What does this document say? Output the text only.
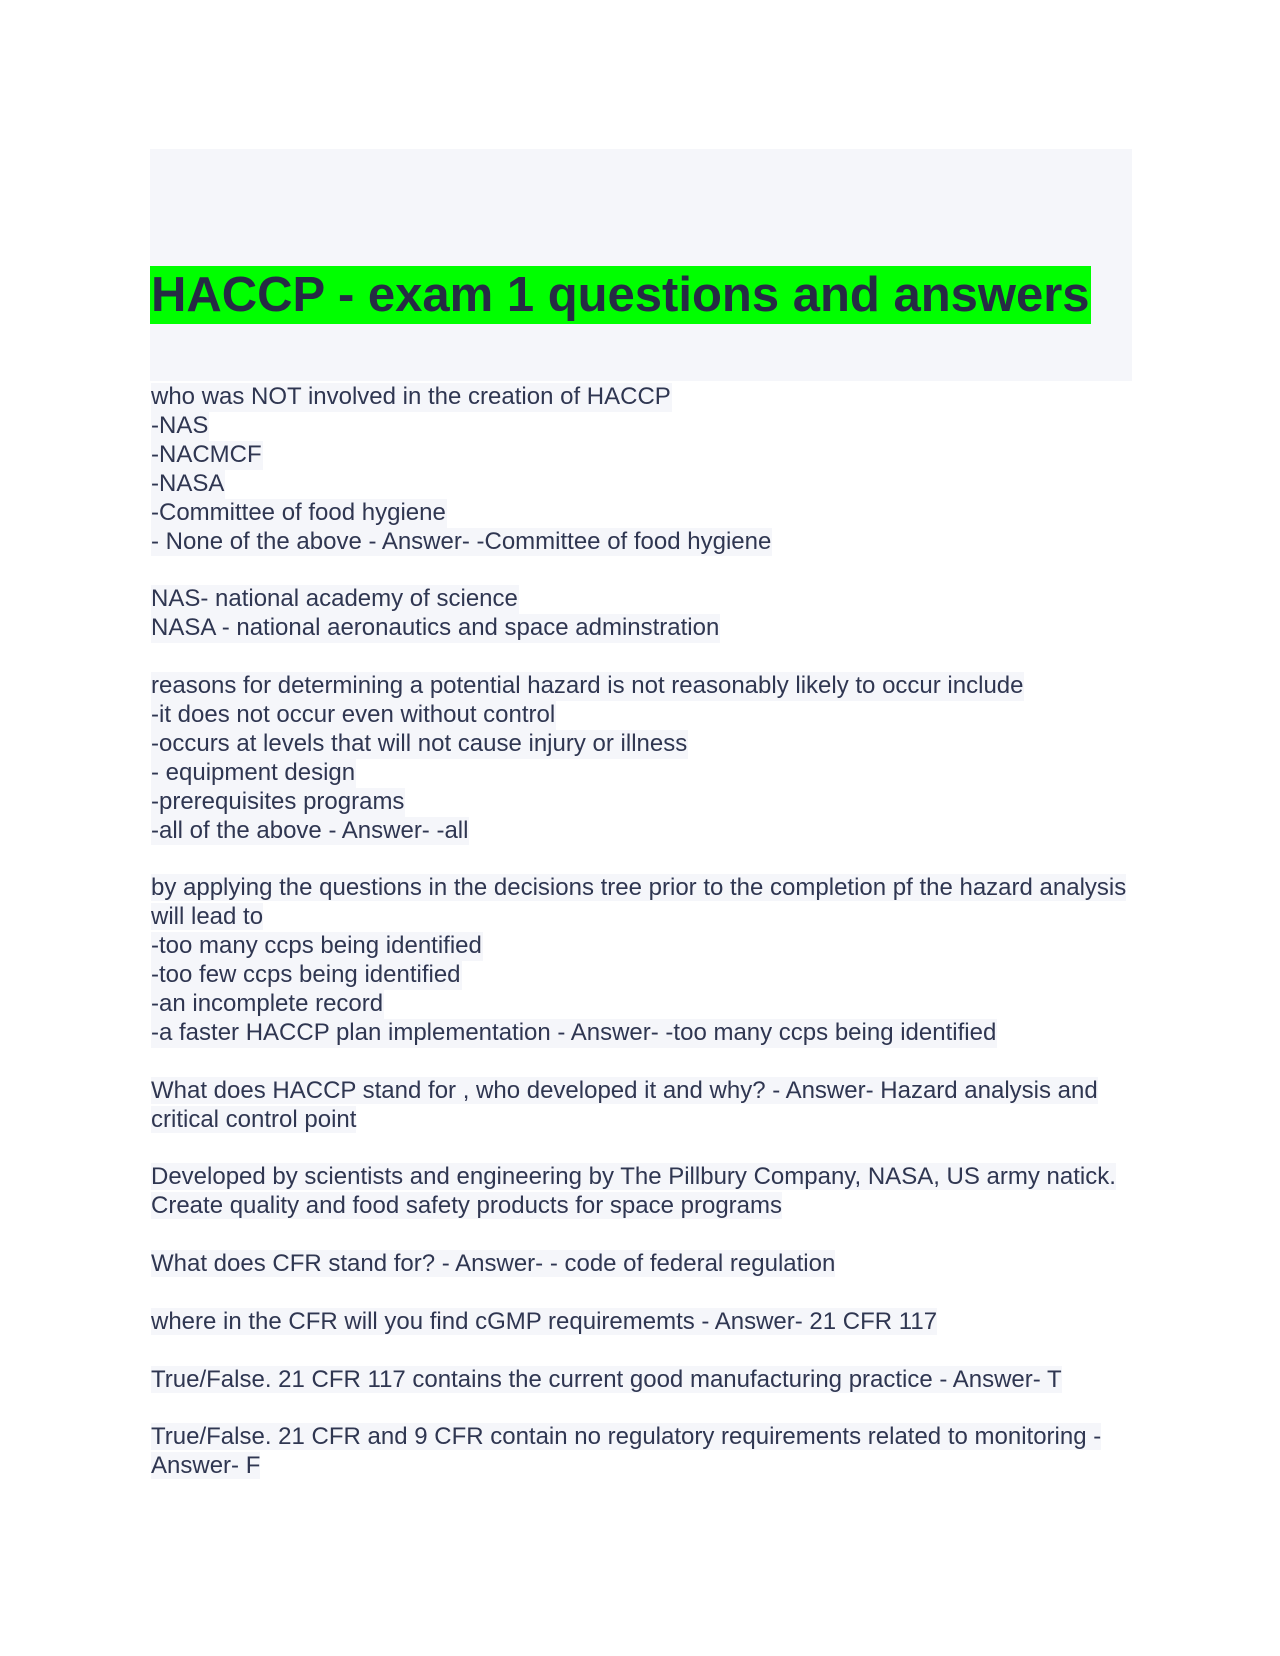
HACCP - exam 1 questions and answers
who was NOT involved in the creation of HACCP
-NAS
-NACMCF
-NASA
-Committee of food hygiene
- None of the above - Answer- -Committee of food hygiene
NAS- national academy of science
NASA - national aeronautics and space adminstration
reasons for determining a potential hazard is not reasonably likely to occur include
-it does not occur even without control
-occurs at levels that will not cause injury or illness
- equipment design
-prerequisites programs
-all of the above - Answer- -all
by applying the questions in the decisions tree prior to the completion pf the hazard analysis will lead to
-too many ccps being identified
-too few ccps being identified
-an incomplete record
-a faster HACCP plan implementation - Answer- -too many ccps being identified
What does HACCP stand for , who developed it and why? - Answer- Hazard analysis and critical control point
Developed by scientists and engineering by The Pillbury Company, NASA, US army natick. Create quality and food safety products for space programs
What does CFR stand for? - Answer- - code of federal regulation
where in the CFR will you find cGMP requirememts - Answer- 21 CFR 117
True/False. 21 CFR 117 contains the current good manufacturing practice - Answer- T
True/False. 21 CFR and 9 CFR contain no regulatory requirements related to monitoring - Answer- F
